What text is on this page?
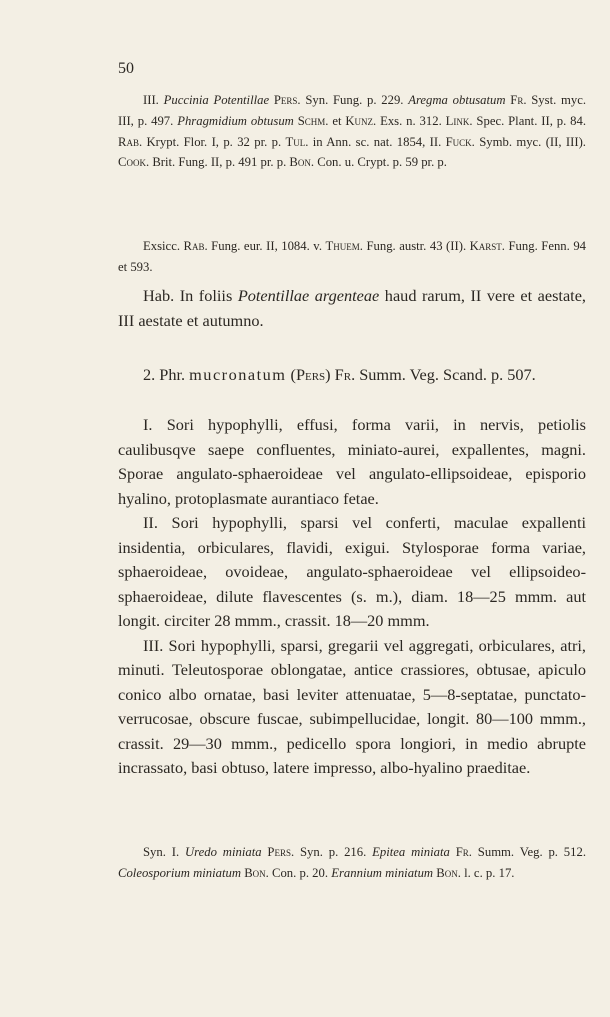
50

III. Puccinia Potentillae Pers. Syn. Fung. p. 229. Aregma obtusatum Fr. Syst. myc. III, p. 497. Phragmidium obtusum Schm. et Kunz. Exs. n. 312. Link. Spec. Plant. II, p. 84. Rab. Krypt. Flor. I, p. 32 pr. p. Tul. in Ann. sc. nat. 1854, II. Fuck. Symb. myc. (II, III). Cook. Brit. Fung. II, p. 491 pr. p. Bon. Con. u. Crypt. p. 59 pr. p.

Exsicc. Rab. Fung. eur. II, 1084. v. Thuem. Fung. austr. 43 (II). Karst. Fung. Fenn. 94 et 593.

Hab. In foliis Potentillae argenteae haud rarum, II vere et aestate, III aestate et autumno.

2. Phr. mucronatum (Pers) Fr. Summ. Veg. Scand. p. 507.

I. Sori hypophylli, effusi, forma varii, in nervis, petiolis caulibusqve saepe confluentes, miniato-aurei, expallentes, magni. Sporae angulato-sphaeroideae vel angulato-ellipsoideae, episporio hyalino, protoplasmate aurantiaco fetae.

II. Sori hypophylli, sparsi vel conferti, maculae expallenti insidentia, orbiculares, flavidi, exigui. Stylosporae forma variae, sphaeroideae, ovoideae, angulato-sphaeroideae vel ellipsoideo-sphaeroideae, dilute flavescentes (s. m.), diam. 18—25 mmm. aut longit. circiter 28 mmm., crassit. 18—20 mmm.

III. Sori hypophylli, sparsi, gregarii vel aggregati, orbiculares, atri, minuti. Teleutosporae oblongatae, antice crassiores, obtusae, apiculo conico albo ornatae, basi leviter attenuatae, 5—8-septatae, punctato-verrucosae, obscure fuscae, subimpellucidae, longit. 80—100 mmm., crassit. 29—30 mmm., pedicello spora longiori, in medio abrupte incrassato, basi obtuso, latere impresso, albo-hyalino praeditae.

Syn. I. Uredo miniata Pers. Syn. p. 216. Epitea miniata Fr. Summ. Veg. p. 512. Coleosporium miniatum Bon. Con. p. 20. Erannium miniatum Bon. l. c. p. 17.
